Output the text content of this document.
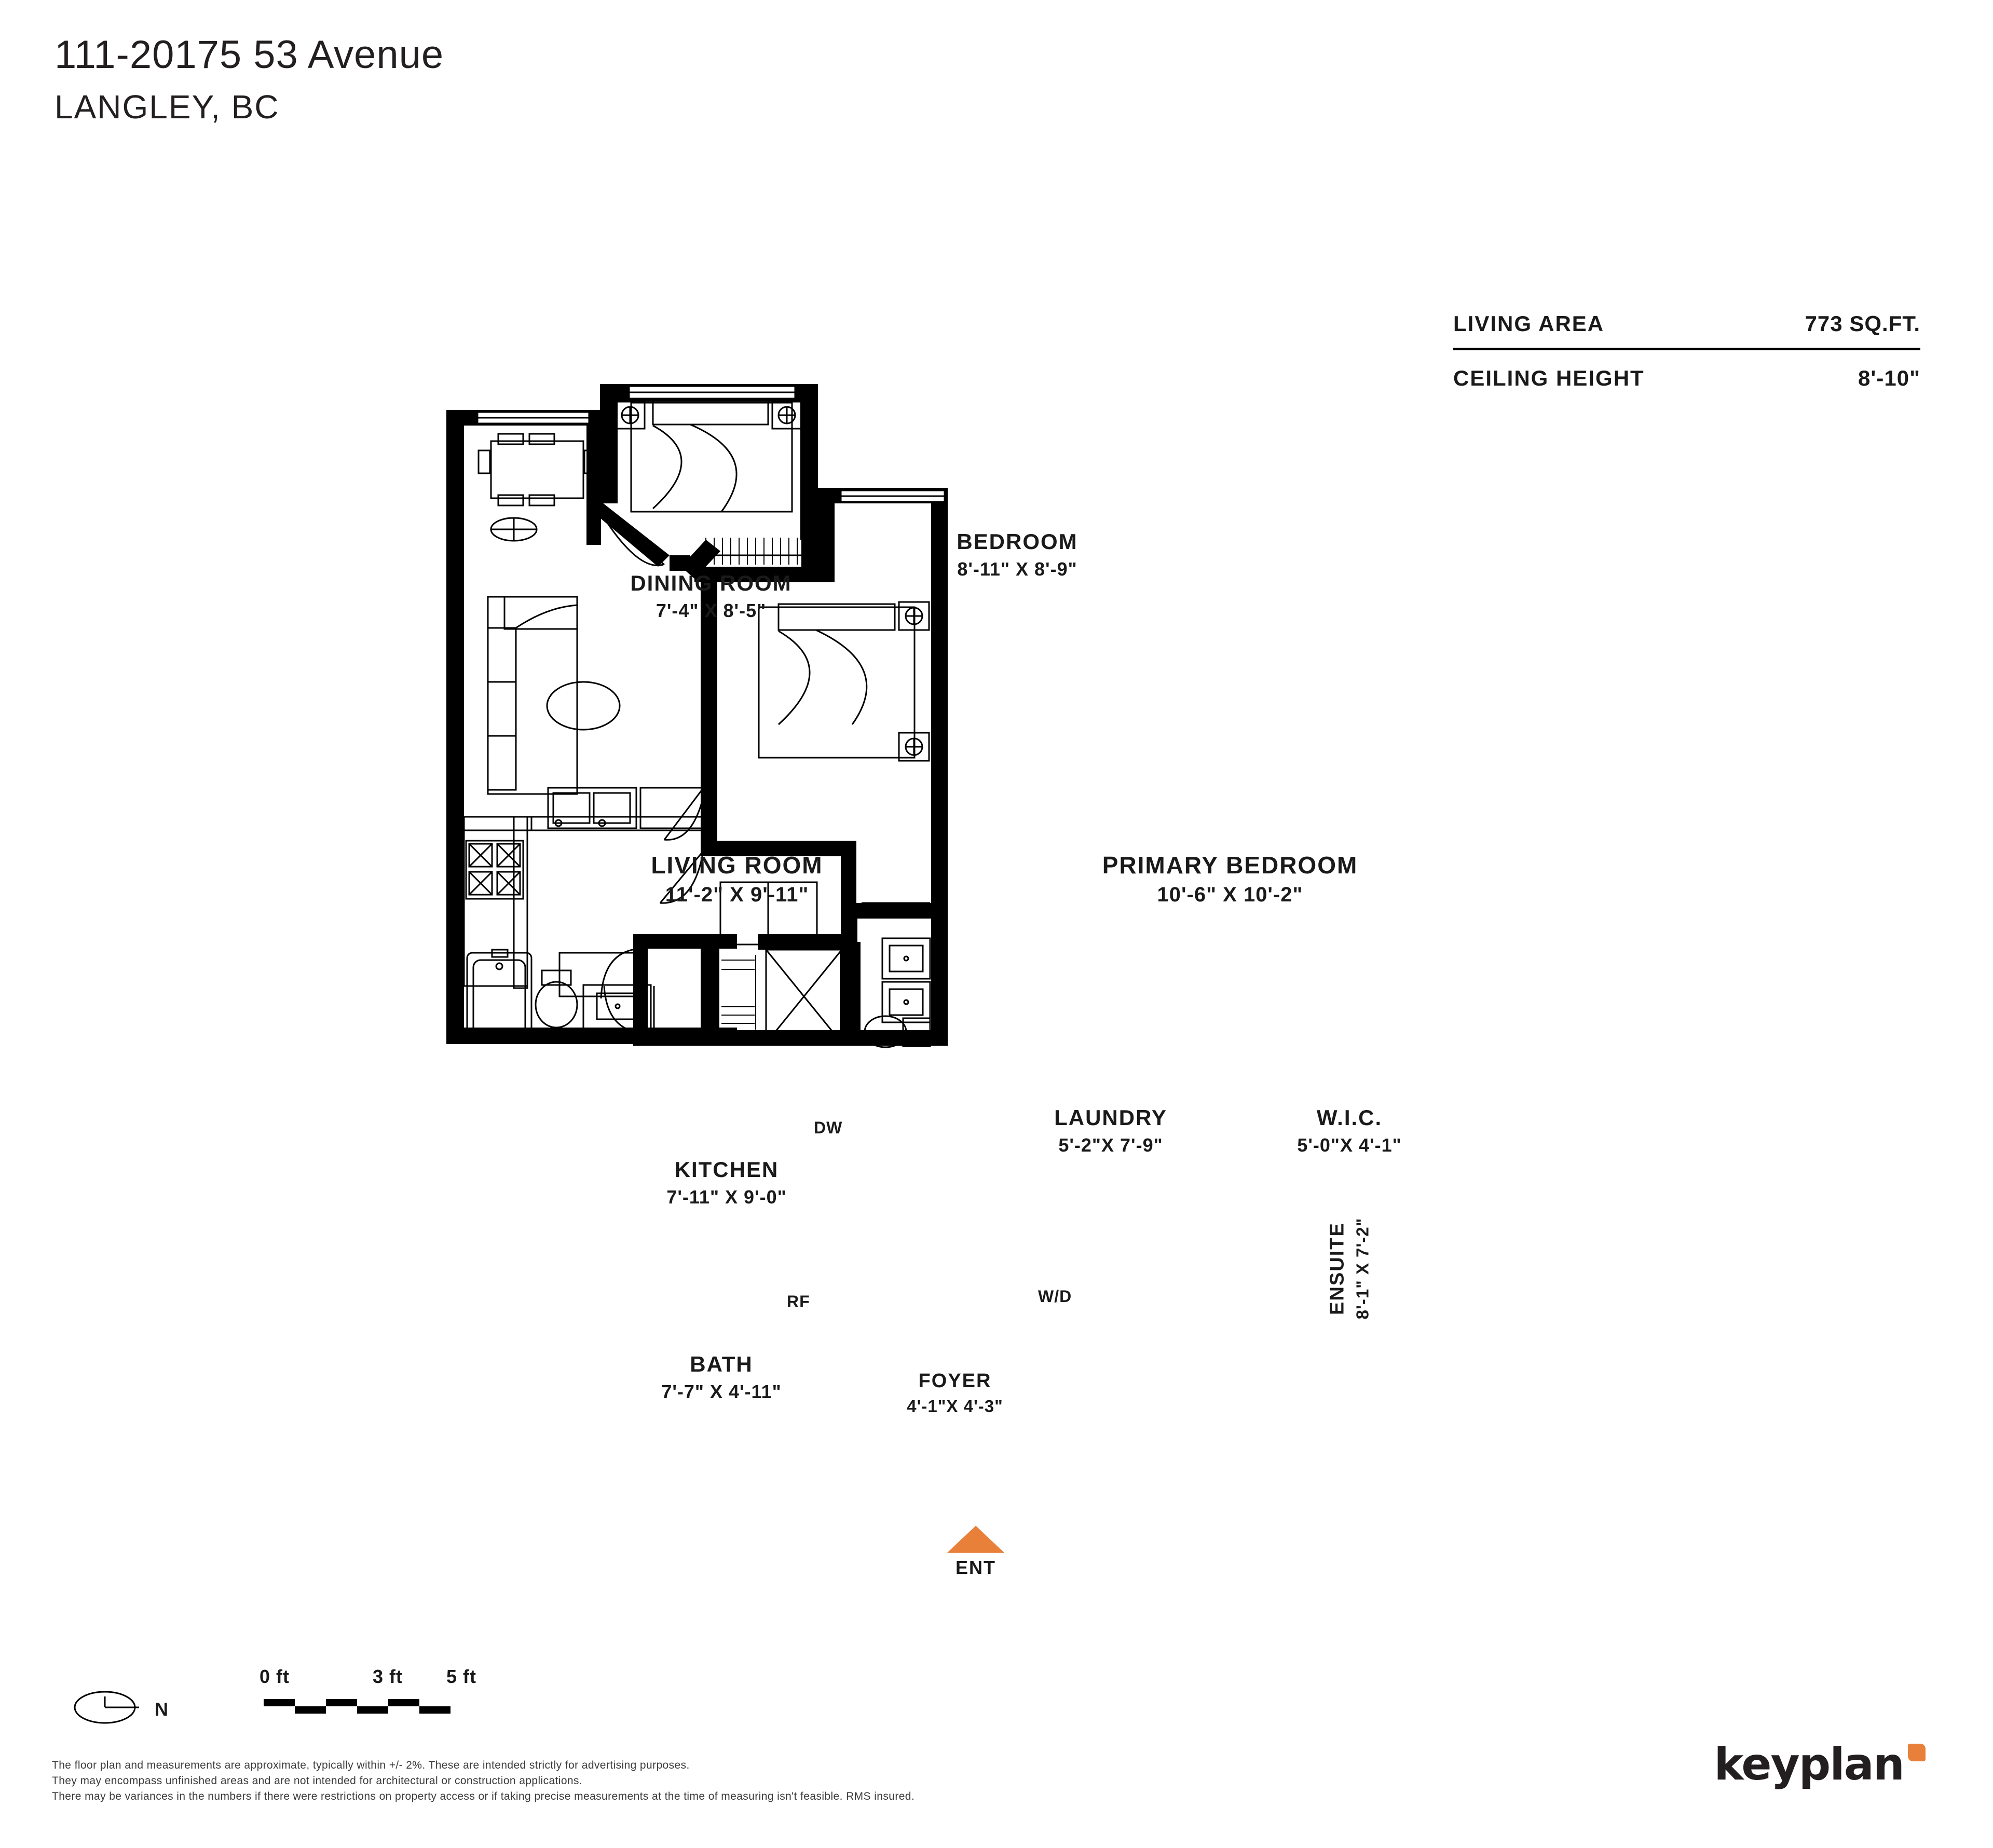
111-20175 53 Avenue
LANGLEY, BC
LIVING AREA	773 SQ.FT.
CEILING HEIGHT	8'-10"
DINING ROOM
7'-4" X 8'-5"
BEDROOM
8'-11" X 8'-9"
LIVING ROOM
11'-2" X 9'-11"
PRIMARY BEDROOM
10'-6" X 10'-2"
KITCHEN
7'-11" X 9'-0"
LAUNDRY
5'-2"X 7'-9"
W.I.C.
5'-0"X 4'-1"
BATH
7'-7" X 4'-11"	FOYER
4'-1"X 4'-3"
ENSUITE 8'-1" X 7'-2"
DW
RF	W/D
ENT
N
0 ft	3 ft 5 ft

The floor plan and measurements are approximate, typically within +/- 2%. These are intended strictly for advertising purposes.

They may encompass unfinished areas and are not intended for architectural or construction applications.

There may be variances in the numbers if there were restrictions on property access or if taking precise measurements at the time of measuring isn't feasible. RMS insured.

keyplan
